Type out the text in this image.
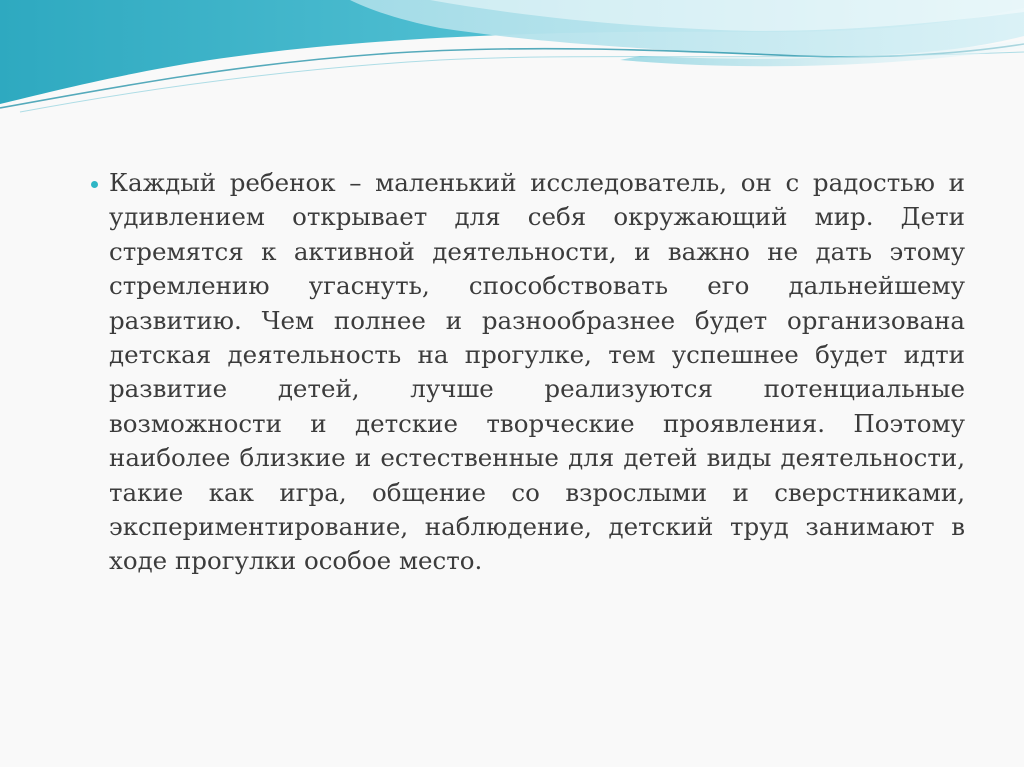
Каждый ребенок – маленький исследователь, он с радостью и удивлением открывает для себя окружающий мир. Дети стремятся к активной деятельности, и важно не дать этому стремлению угаснуть, способствовать его дальнейшему развитию. Чем полнее и разнообразнее будет организована детская деятельность на прогулке, тем успешнее будет идти развитие детей, лучше реализуются потенциальные возможности и детские творческие проявления. Поэтому наиболее близкие и естественные для детей виды деятельности, такие как игра, общение со взрослыми и сверстниками, экспериментирование, наблюдение, детский труд занимают в ходе прогулки особое место.
